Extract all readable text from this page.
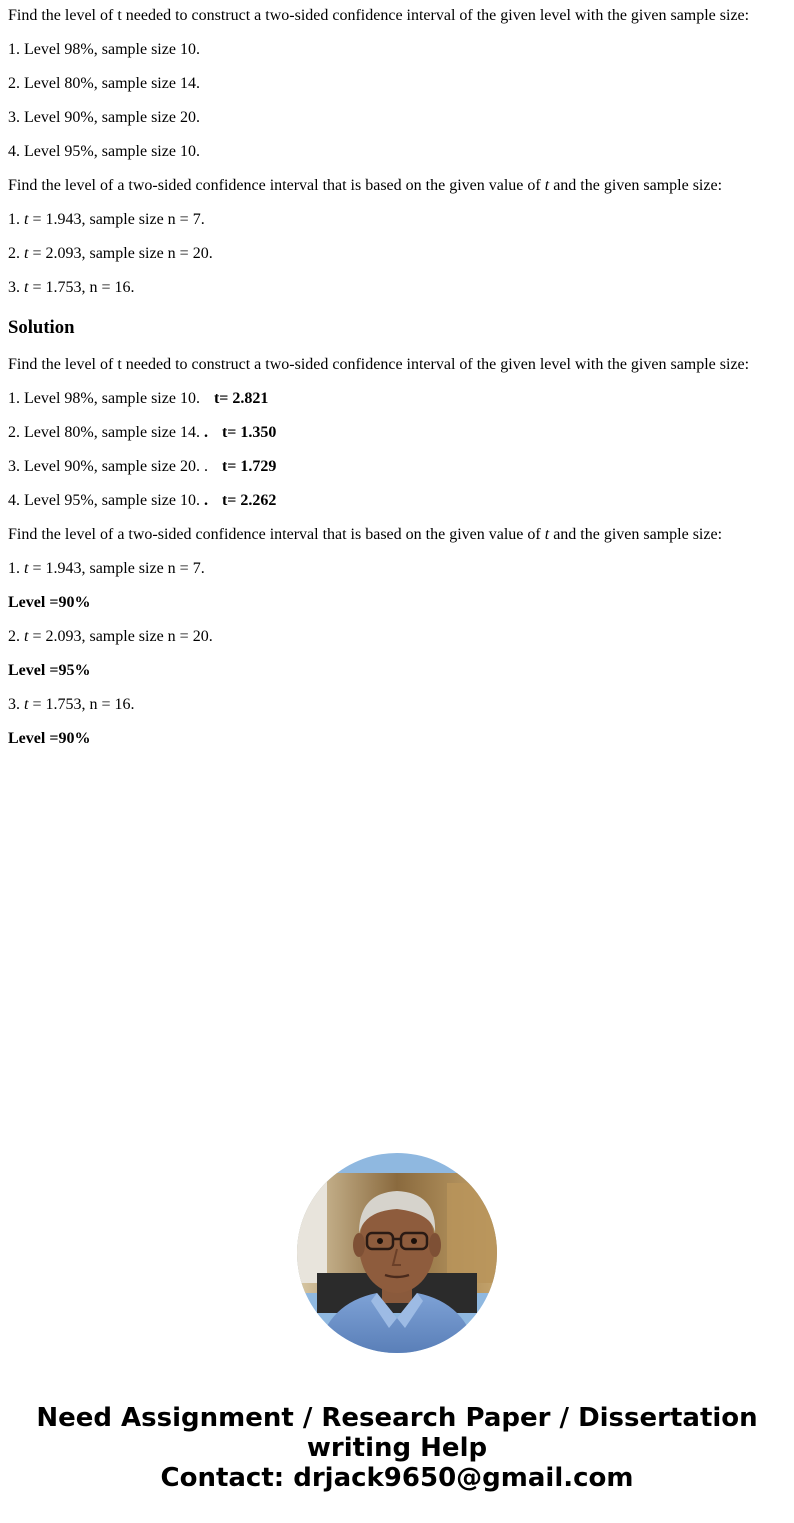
Find the level of t needed to construct a two-sided confidence interval of the given level with the given sample size:

1. Level 98%, sample size 10.

2. Level 80%, sample size 14.

3. Level 90%, sample size 20.

4. Level 95%, sample size 10.

Find the level of a two-sided confidence interval that is based on the given value of t and the given sample size:

1. t = 1.943, sample size n = 7.

2. t = 2.093, sample size n = 20.

3. t = 1.753, n = 16.

Solution

Find the level of t needed to construct a two-sided confidence interval of the given level with the given sample size:

1. Level 98%, sample size 10. t= 2.821

2. Level 80%, sample size 14. . t= 1.350

3. Level 90%, sample size 20. . t= 1.729

4. Level 95%, sample size 10. . t= 2.262

Find the level of a two-sided confidence interval that is based on the given value of t and the given sample size:

1. t = 1.943, sample size n = 7.

Level =90%

2. t = 2.093, sample size n = 20.

Level =95%

3. t = 1.753, n = 16.

Level =90%

Need Assignment / Research Paper / Dissertation
writing Help
Contact: drjack9650@gmail.com
